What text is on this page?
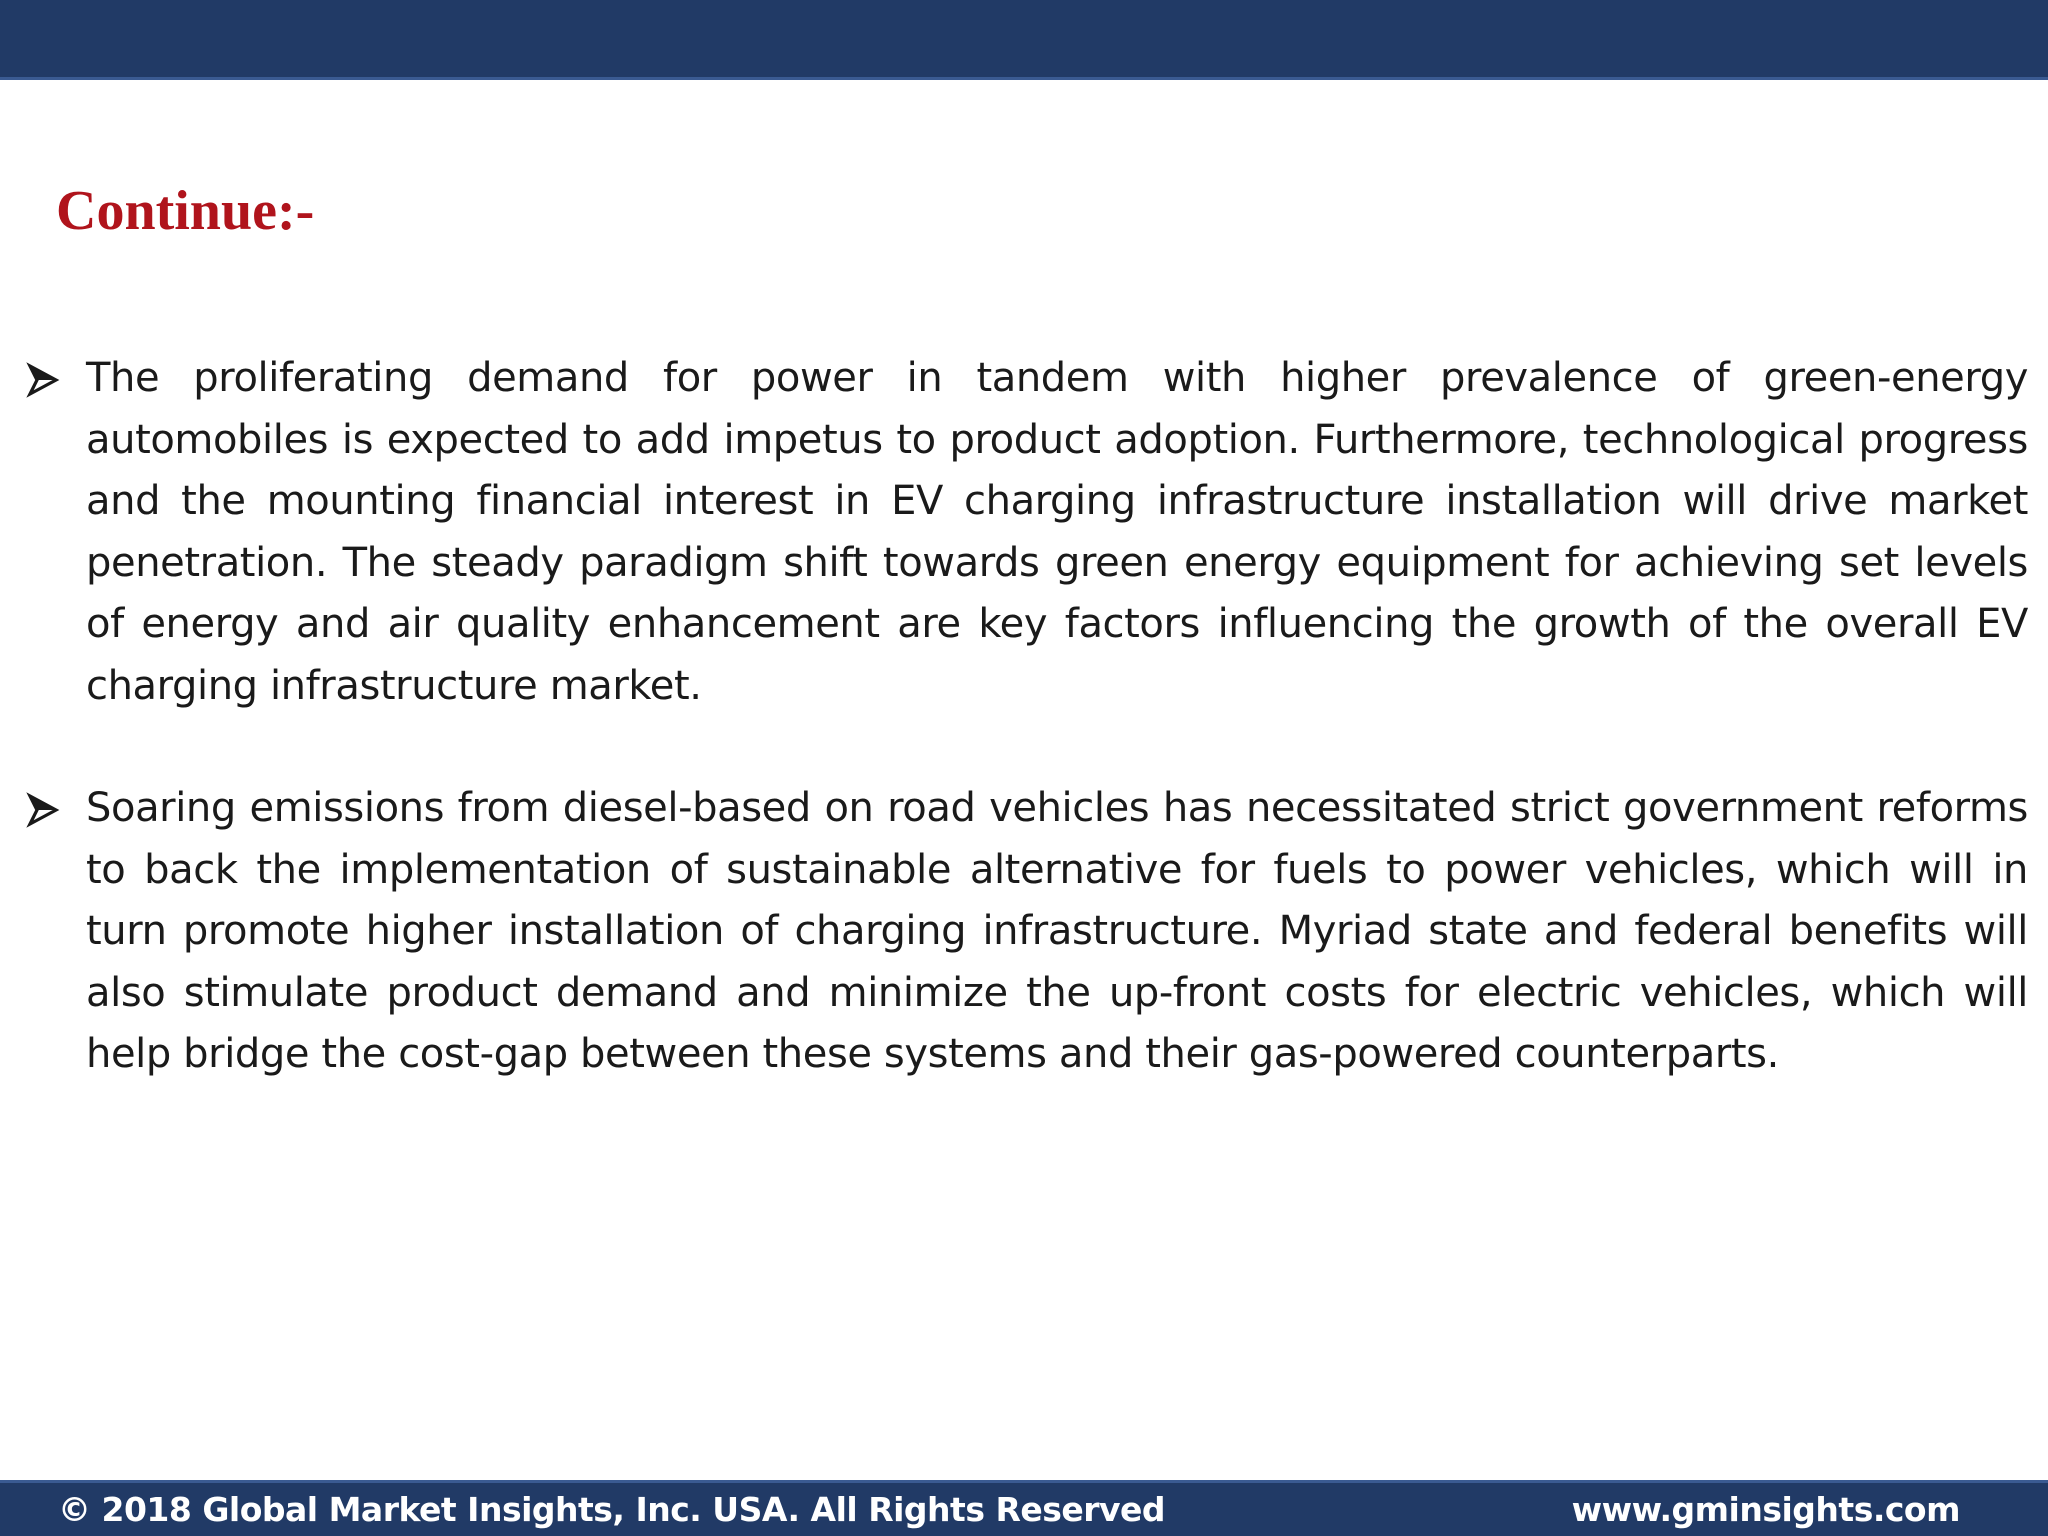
Continue:-

The proliferating demand for power in tandem with higher prevalence of green-energy automobiles is expected to add impetus to product adoption. Furthermore, technological progress and the mounting financial interest in EV charging infrastructure installation will drive market penetration. The steady paradigm shift towards green energy equipment for achieving set levels of energy and air quality enhancement are key factors influencing the growth of the overall EV charging infrastructure market.

Soaring emissions from diesel-based on road vehicles has necessitated strict government reforms to back the implementation of sustainable alternative for fuels to power vehicles, which will in turn promote higher installation of charging infrastructure. Myriad state and federal benefits will also stimulate product demand and minimize the up-front costs for electric vehicles, which will help bridge the cost-gap between these systems and their gas-powered counterparts.

© 2018 Global Market Insights, Inc. USA. All Rights Reserved	www.gminsights.com
